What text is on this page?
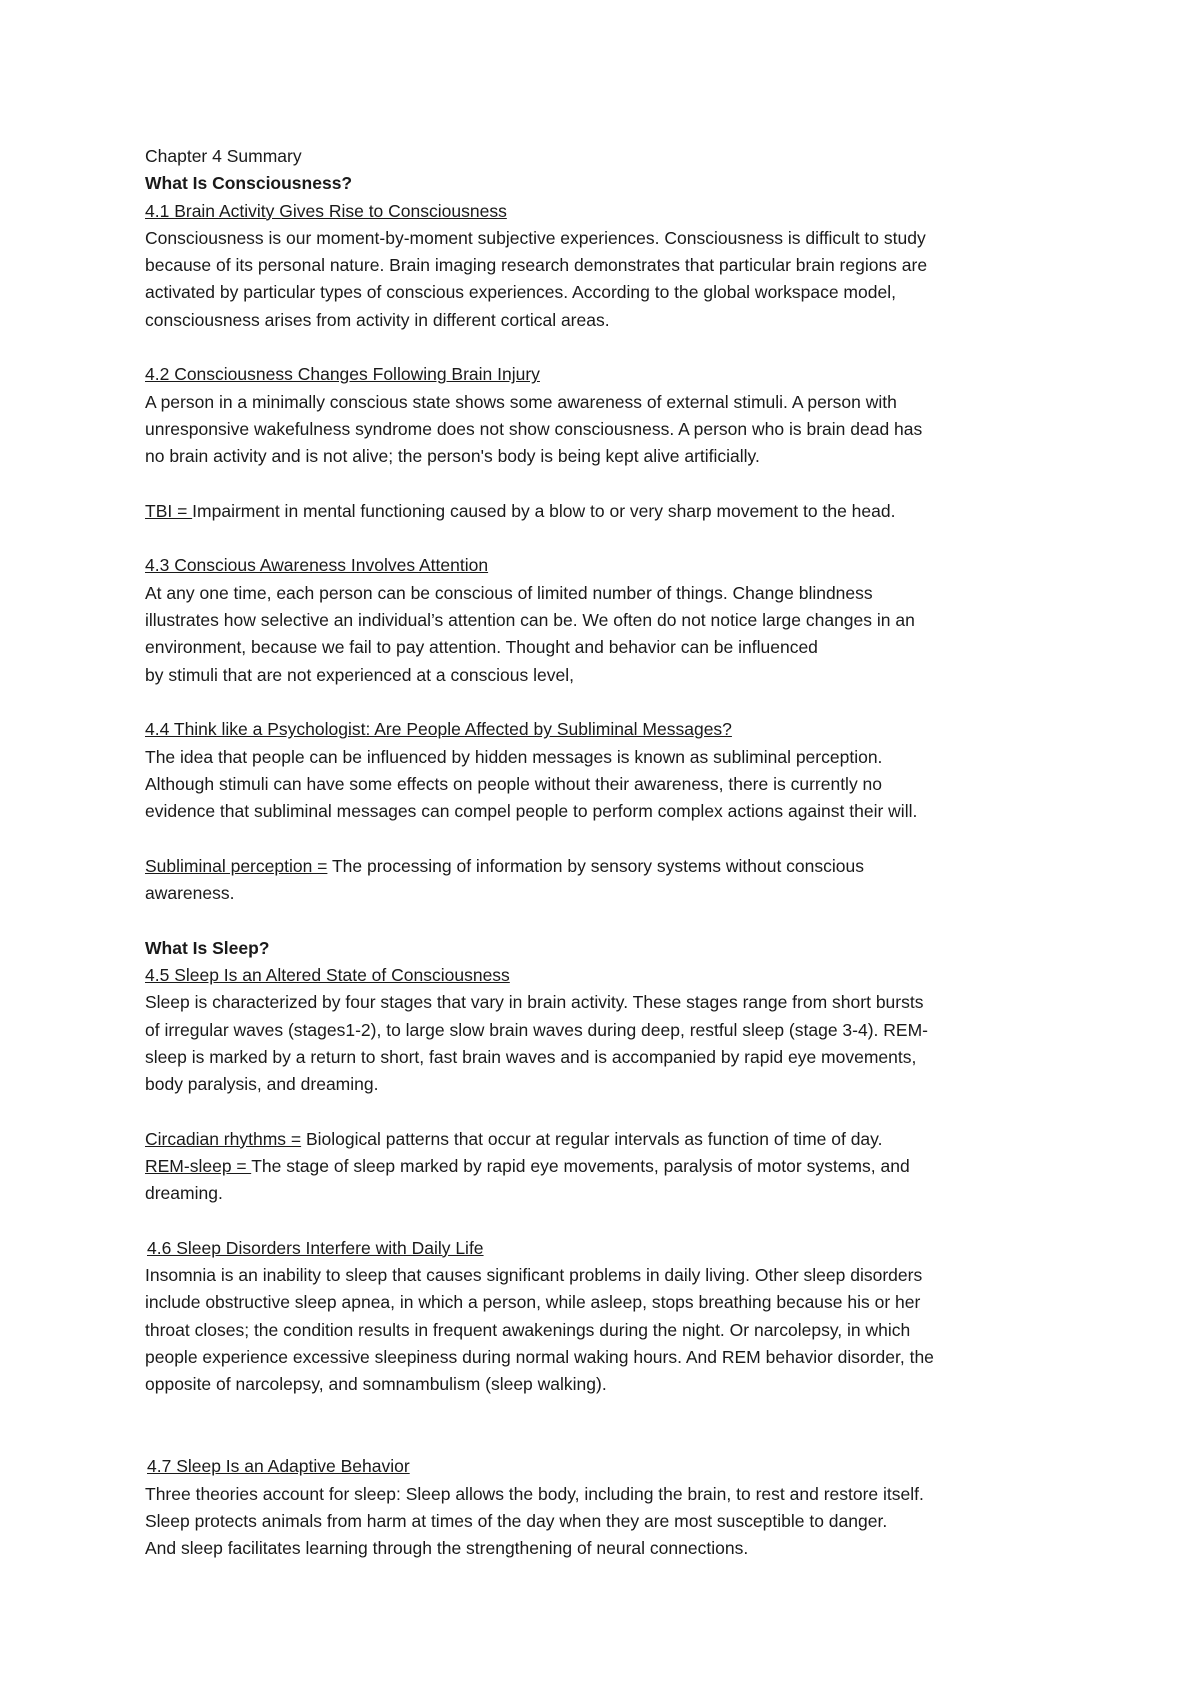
Chapter 4 Summary
What Is Consciousness?
4.1 Brain Activity Gives Rise to Consciousness
Consciousness is our moment-by-moment subjective experiences. Consciousness is difficult to study
because of its personal nature. Brain imaging research demonstrates that particular brain regions are
activated by particular types of conscious experiences. According to the global workspace model,
consciousness arises from activity in different cortical areas.
4.2 Consciousness Changes Following Brain Injury
A person in a minimally conscious state shows some awareness of external stimuli. A person with
unresponsive wakefulness syndrome does not show consciousness. A person who is brain dead has
no brain activity and is not alive; the person's body is being kept alive artificially.
TBI = Impairment in mental functioning caused by a blow to or very sharp movement to the head.
4.3 Conscious Awareness Involves Attention
At any one time, each person can be conscious of limited number of things. Change blindness
illustrates how selective an individual’s attention can be. We often do not notice large changes in an
environment, because we fail to pay attention. Thought and behavior can be influenced
by stimuli that are not experienced at a conscious level,
4.4 Think like a Psychologist: Are People Affected by Subliminal Messages?
The idea that people can be influenced by hidden messages is known as subliminal perception.
Although stimuli can have some effects on people without their awareness, there is currently no
evidence that subliminal messages can compel people to perform complex actions against their will.
Subliminal perception = The processing of information by sensory systems without conscious
awareness.
What Is Sleep?
4.5 Sleep Is an Altered State of Consciousness
Sleep is characterized by four stages that vary in brain activity. These stages range from short bursts
of irregular waves (stages1-2), to large slow brain waves during deep, restful sleep (stage 3-4). REM-
sleep is marked by a return to short, fast brain waves and is accompanied by rapid eye movements,
body paralysis, and dreaming.
Circadian rhythms = Biological patterns that occur at regular intervals as function of time of day.
REM-sleep = The stage of sleep marked by rapid eye movements, paralysis of motor systems, and
dreaming.
4.6 Sleep Disorders Interfere with Daily Life
Insomnia is an inability to sleep that causes significant problems in daily living. Other sleep disorders
include obstructive sleep apnea, in which a person, while asleep, stops breathing because his or her
throat closes; the condition results in frequent awakenings during the night. Or narcolepsy, in which
people experience excessive sleepiness during normal waking hours. And REM behavior disorder, the
opposite of narcolepsy, and somnambulism (sleep walking).
4.7 Sleep Is an Adaptive Behavior
Three theories account for sleep: Sleep allows the body, including the brain, to rest and restore itself.
Sleep protects animals from harm at times of the day when they are most susceptible to danger.
And sleep facilitates learning through the strengthening of neural connections.
